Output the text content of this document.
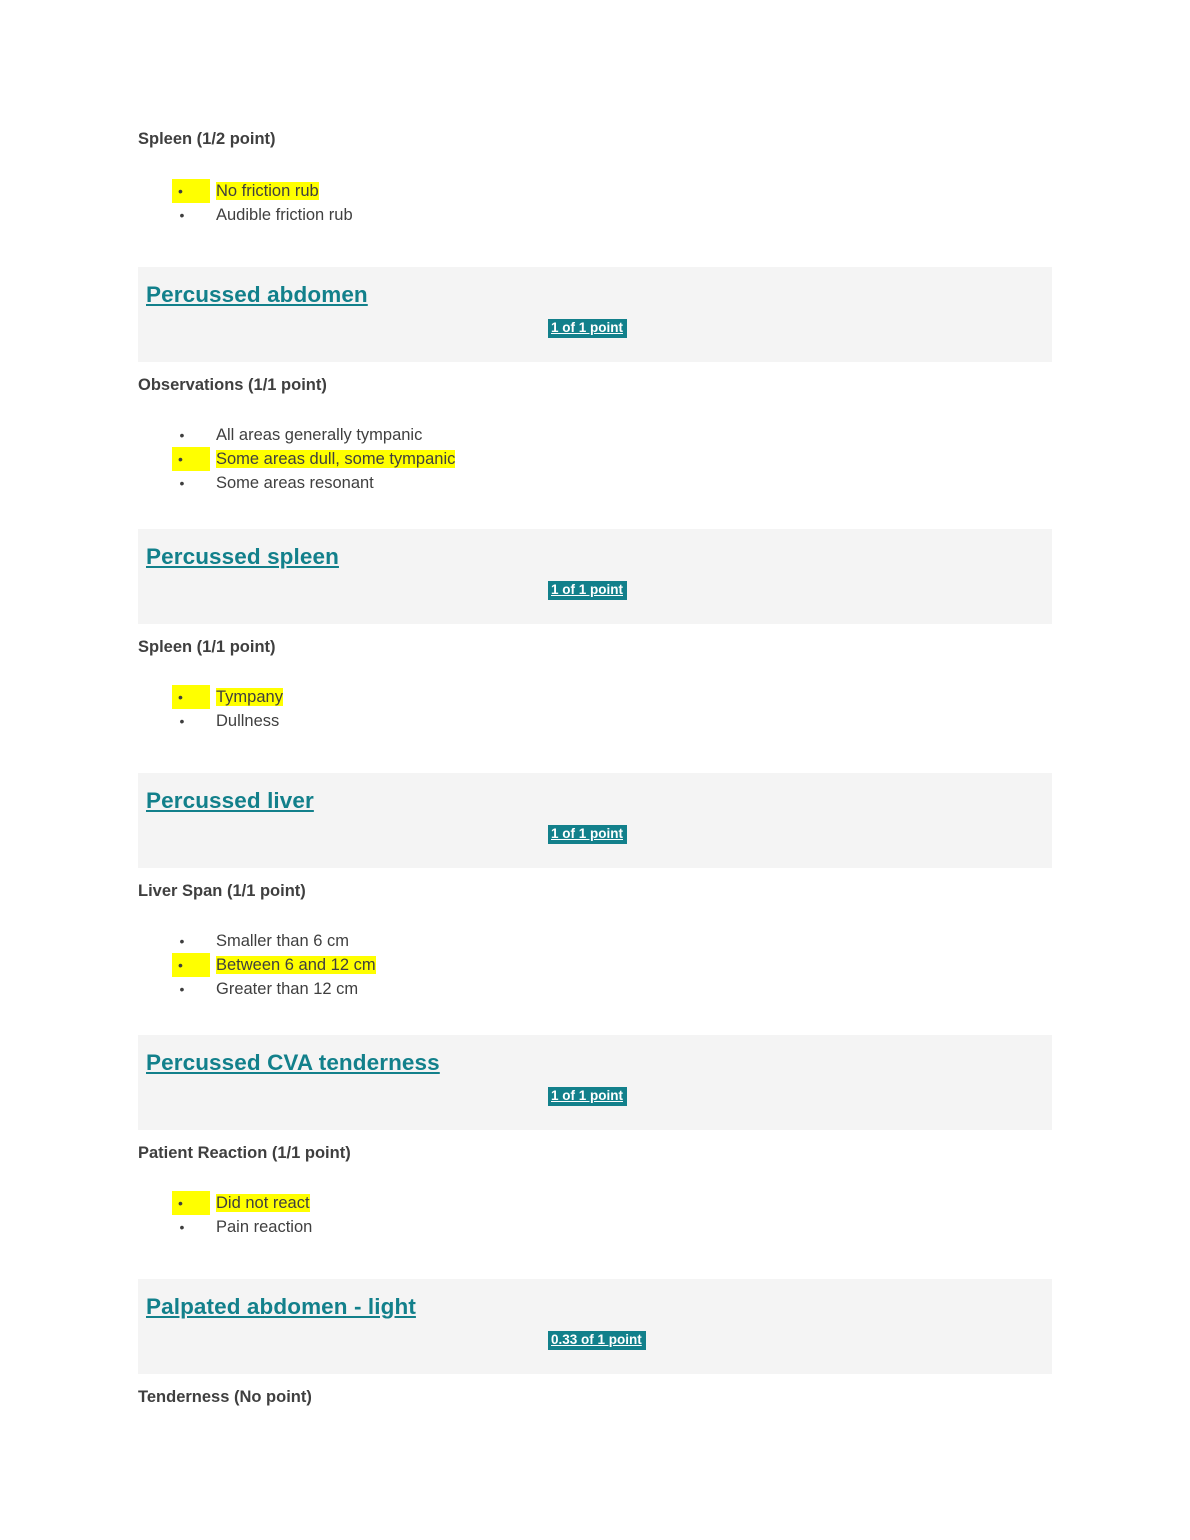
Spleen (1/2 point)
•	No friction rub
• Audible friction rub
Percussed abdomen
1 of 1 point
Observations (1/1 point)
• All areas generally tympanic
•	Some areas dull, some tympanic
• Some areas resonant
Percussed spleen
1 of 1 point
Spleen (1/1 point)
•	Tympany
• Dullness
Percussed liver
1 of 1 point
Liver Span (1/1 point)
• Smaller than 6 cm
•	Between 6 and 12 cm
• Greater than 12 cm
Percussed CVA tenderness
1 of 1 point
Patient Reaction (1/1 point)
•	Did not react
• Pain reaction
Palpated abdomen - light
0.33 of 1 point
Tenderness (No point)
